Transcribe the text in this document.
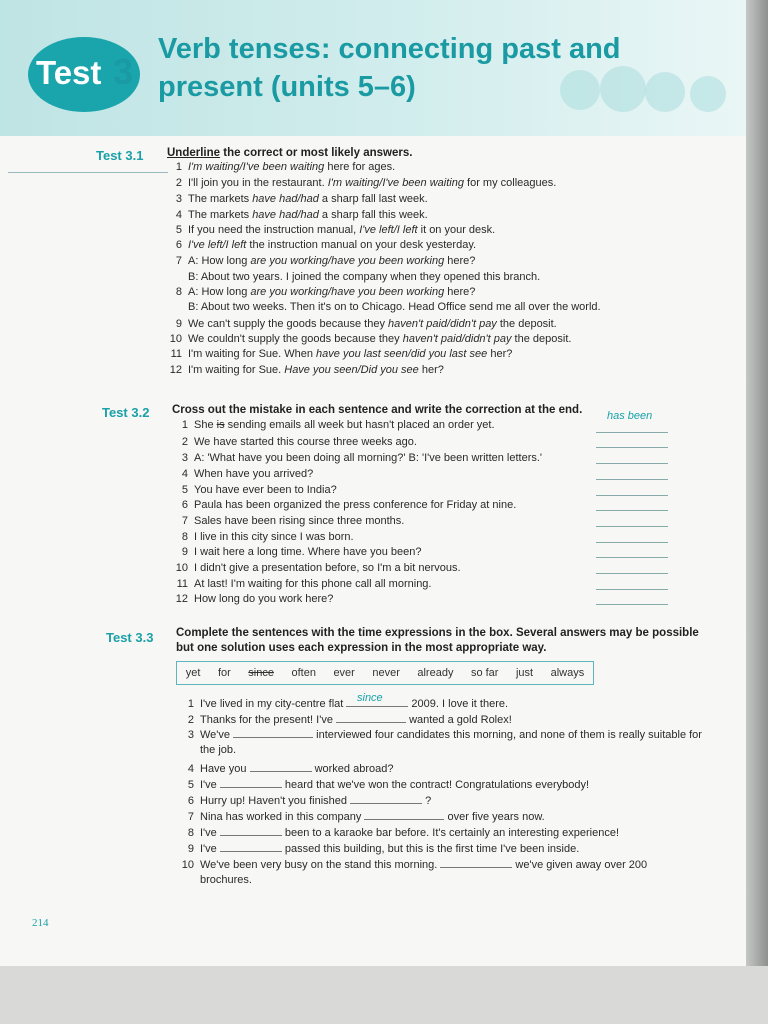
Test 3
Verb tenses: connecting past and
present (units 5–6)
Test 3.1 Underline the correct or most likely answers.
1 I'm waiting/I've been waiting here for ages.
2 I'll join you in the restaurant. I'm waiting/I've been waiting for my colleagues.
3 The markets have had/had a sharp fall last week.
4 The markets have had/had a sharp fall this week.
5 If you need the instruction manual, I've left/I left it on your desk.
6 I've left/I left the instruction manual on your desk yesterday.
7 A: How long are you working/have you been working here?
B: About two years. I joined the company when they opened this branch.
8 A: How long are you working/have you been working here?
B: About two weeks. Then it's on to Chicago. Head Office send me all over the world.
9 We can't supply the goods because they haven't paid/didn't pay the deposit.
10 We couldn't supply the goods because they haven't paid/didn't pay the deposit.
11 I'm waiting for Sue. When have you last seen/did you last see her?
12 I'm waiting for Sue. Have you seen/Did you see her?
Test 3.2 Cross out the mistake in each sentence and write the correction at the end.
1 She is sending emails all week but hasn't placed an order yet.
has been
2 We have started this course three weeks ago.
3 A: 'What have you been doing all morning?' B: 'I've been written letters.'
4 When have you arrived?
5 You have ever been to India?
6 Paula has been organized the press conference for Friday at nine.
7 Sales have been rising since three months.
8 I live in this city since I was born.
9 I wait here a long time. Where have you been?
10 I didn't give a presentation before, so I'm a bit nervous.
11 At last! I'm waiting for this phone call all morning.
12 How long do you work here?
Test 3.3 Complete the sentences with the time expressions in the box. Several answers may be possible
but one solution uses each expression in the most appropriate way.
yet for since often ever never already so far just always
since
1 I've lived in my city-centre flat	2009. I love it there.
2 Thanks for the present! I've	wanted a gold Rolex!
3 We've	interviewed four candidates this morning, and none of them is really suitable for
the job.
4 Have you	worked abroad?
5 I've	heard that we've won the contract! Congratulations everybody!
6 Hurry up! Haven't you finished	?
7 Nina has worked in this company	over five years now.
8 I've	been to a karaoke bar before. It's certainly an interesting experience!
9 I've	passed this building, but this is the first time I've been inside.
10 We've been very busy on the stand this morning.	we've given away over 200
brochures.
214
